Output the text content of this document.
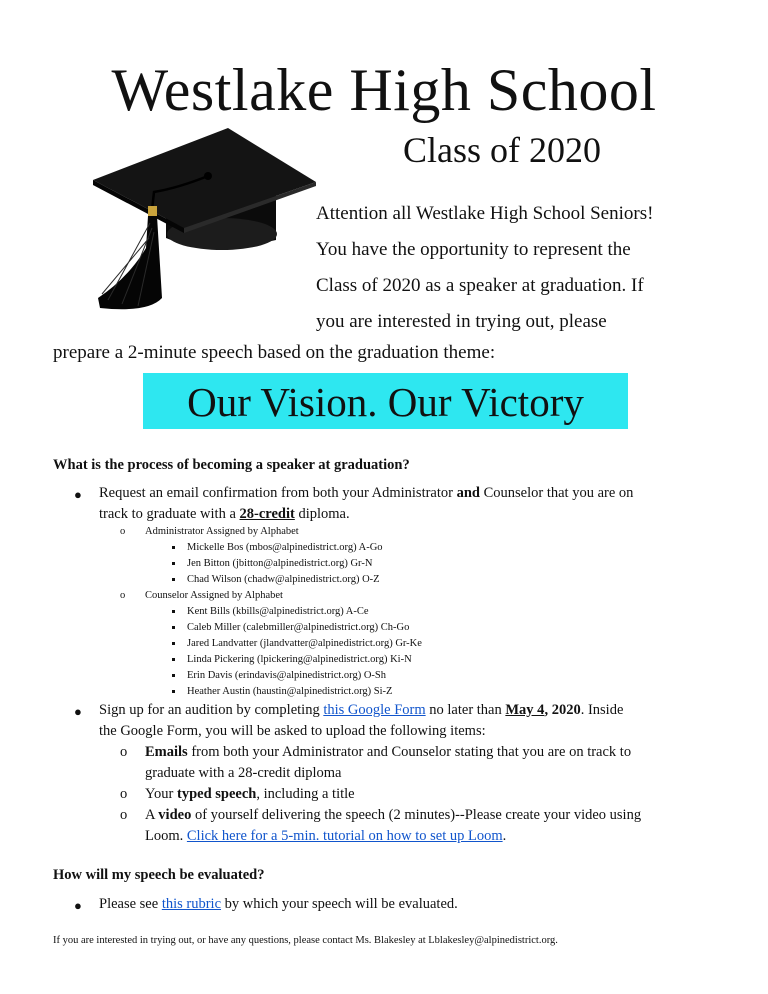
Westlake High School
Class of 2020
Attention all Westlake High School Seniors!
You have the opportunity to represent the
Class of 2020 as a speaker at graduation. If
you are interested in trying out, please
prepare a 2-minute speech based on the graduation theme:
Our Vision. Our Victory
What is the process of becoming a speaker at graduation?
● Request an email confirmation from both your Administrator and Counselor that you are on
track to graduate with a 28-credit diploma.
o Administrator Assigned by Alphabet
Mickelle Bos (mbos@alpinedistrict.org) A-Go
Jen Bitton (jbitton@alpinedistrict.org) Gr-N
Chad Wilson (chadw@alpinedistrict.org) O-Z
o Counselor Assigned by Alphabet
Kent Bills (kbills@alpinedistrict.org) A-Ce
Caleb Miller (calebmiller@alpinedistrict.org) Ch-Go
Jared Landvatter (jlandvatter@alpinedistrict.org) Gr-Ke
Linda Pickering (lpickering@alpinedistrict.org) Ki-N
Erin Davis (erindavis@alpinedistrict.org) O-Sh
Heather Austin (haustin@alpinedistrict.org) Si-Z
● Sign up for an audition by completing this Google Form no later than May 4, 2020. Inside
the Google Form, you will be asked to upload the following items:
o Emails from both your Administrator and Counselor stating that you are on track to
graduate with a 28-credit diploma
o Your typed speech, including a title
o A video of yourself delivering the speech (2 minutes)--Please create your video using
Loom. Click here for a 5-min. tutorial on how to set up Loom.
How will my speech be evaluated?
● Please see this rubric by which your speech will be evaluated.
If you are interested in trying out, or have any questions, please contact Ms. Blakesley at Lblakesley@alpinedistrict.org.
